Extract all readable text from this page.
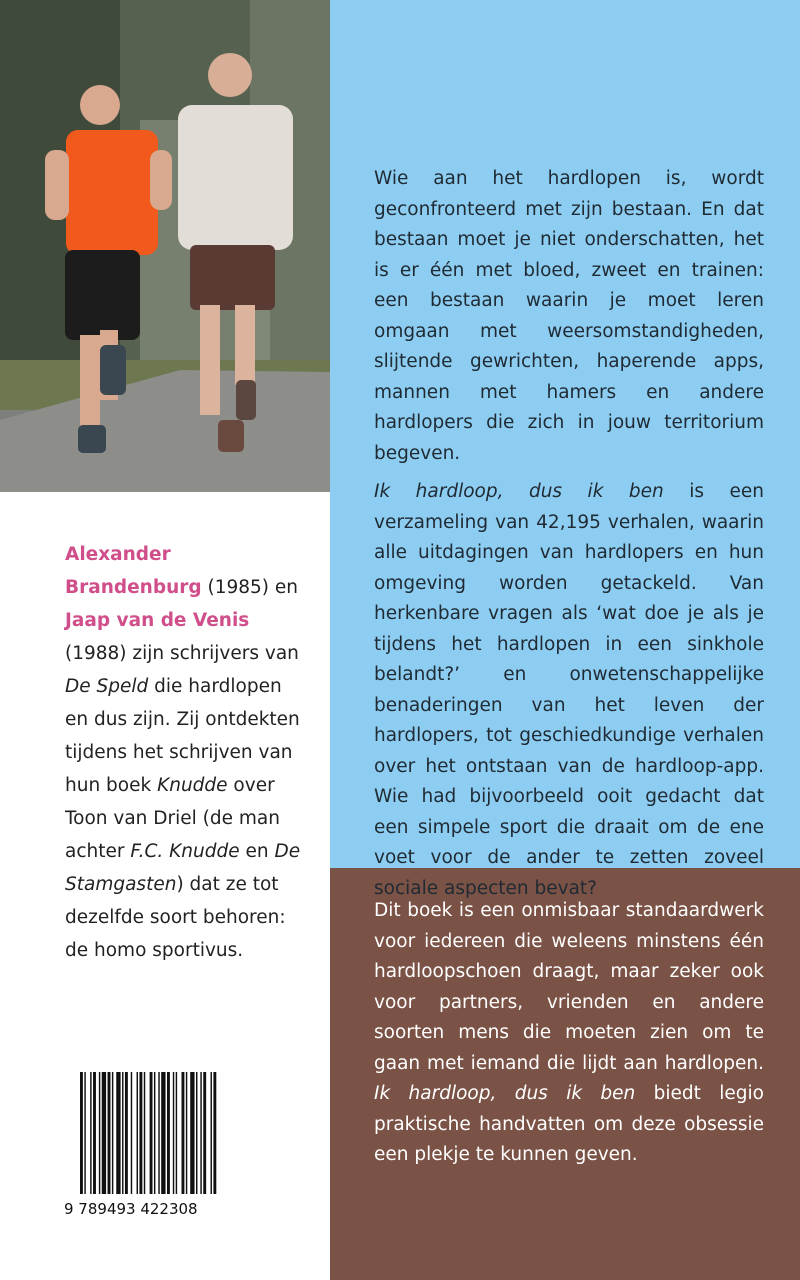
Alexander Brandenburg (1985) en Jaap van de Venis (1988) zijn schrijvers van De Speld die hardlopen en dus zijn. Zij ontdekten tijdens het schrijven van hun boek Knudde over Toon van Driel (de man achter F.C. Knudde en De Stamgasten) dat ze tot dezelfde soort behoren: de homo sportivus.
9 789493 422308

Wie aan het hardlopen is, wordt geconfronteerd met zijn bestaan. En dat bestaan moet je niet onderschatten, het is er één met bloed, zweet en trainen: een bestaan waarin je moet leren omgaan met weersomstandigheden, slijtende gewrichten, haperende apps, mannen met hamers en andere hardlopers die zich in jouw territorium begeven.

Ik hardloop, dus ik ben is een verzameling van 42,195 verhalen, waarin alle uitdagingen van hardlopers en hun omgeving worden getackeld. Van herkenbare vragen als ‘wat doe je als je tijdens het hardlopen in een sinkhole belandt?’ en onwetenschappelijke benaderingen van het leven der hardlopers, tot geschiedkundige verhalen over het ontstaan van de hardloop-app. Wie had bijvoorbeeld ooit gedacht dat een simpele sport die draait om de ene voet voor de ander te zetten zoveel sociale aspecten bevat?

Dit boek is een onmisbaar standaardwerk voor iedereen die weleens minstens één hardloopschoen draagt, maar zeker ook voor partners, vrienden en andere soorten mens die moeten zien om te gaan met iemand die lijdt aan hardlopen. Ik hardloop, dus ik ben biedt legio praktische handvatten om deze obsessie een plekje te kunnen geven.
